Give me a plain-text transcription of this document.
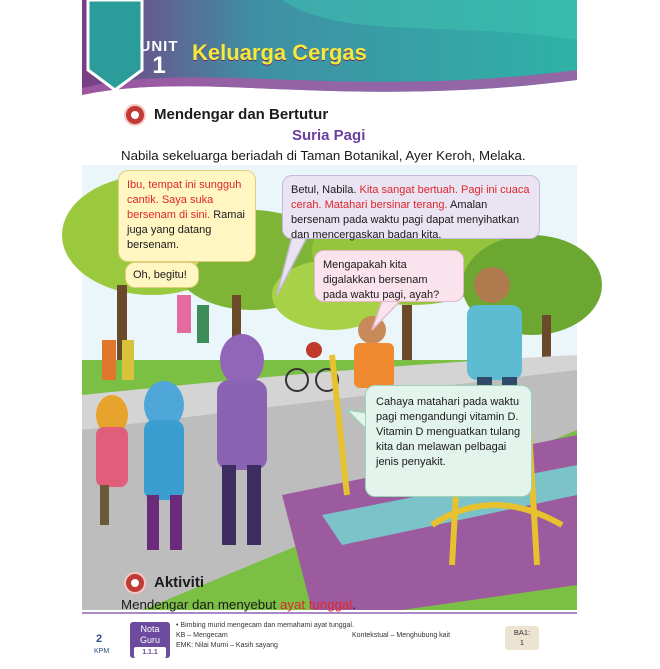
UNIT
1	Keluarga Cergas
Mendengar dan Bertutur
Suria Pagi
Nabila sekeluarga beriadah di Taman Botanikal, Ayer Keroh, Melaka.
Ibu, tempat ini sungguh cantik. Saya suka bersenam di sini. Ramai juga yang datang bersenam.
Betul, Nabila. Kita sangat bertuah. Pagi ini cuaca cerah. Matahari bersinar terang. Amalan bersenam pada waktu pagi dapat menyihatkan dan mencergaskan badan kita.
Oh, begitu!
Mengapakah kita digalakkan bersenam pada waktu pagi, ayah?
Cahaya matahari pada waktu pagi mengandungi vitamin D. Vitamin D menguatkan tulang kita dan melawan pelbagai jenis penyakit.
Aktiviti
Mendengar dan menyebut ayat tunggal.
2
KPM
Nota Guru
1.1.1
(i)
• Bimbing murid mengecam dan memahami ayat tunggal.
KB – Mengecam	Kontekstual – Menghubung kait
EMK: Nilai Murni – Kasih sayang
BA1:
1
